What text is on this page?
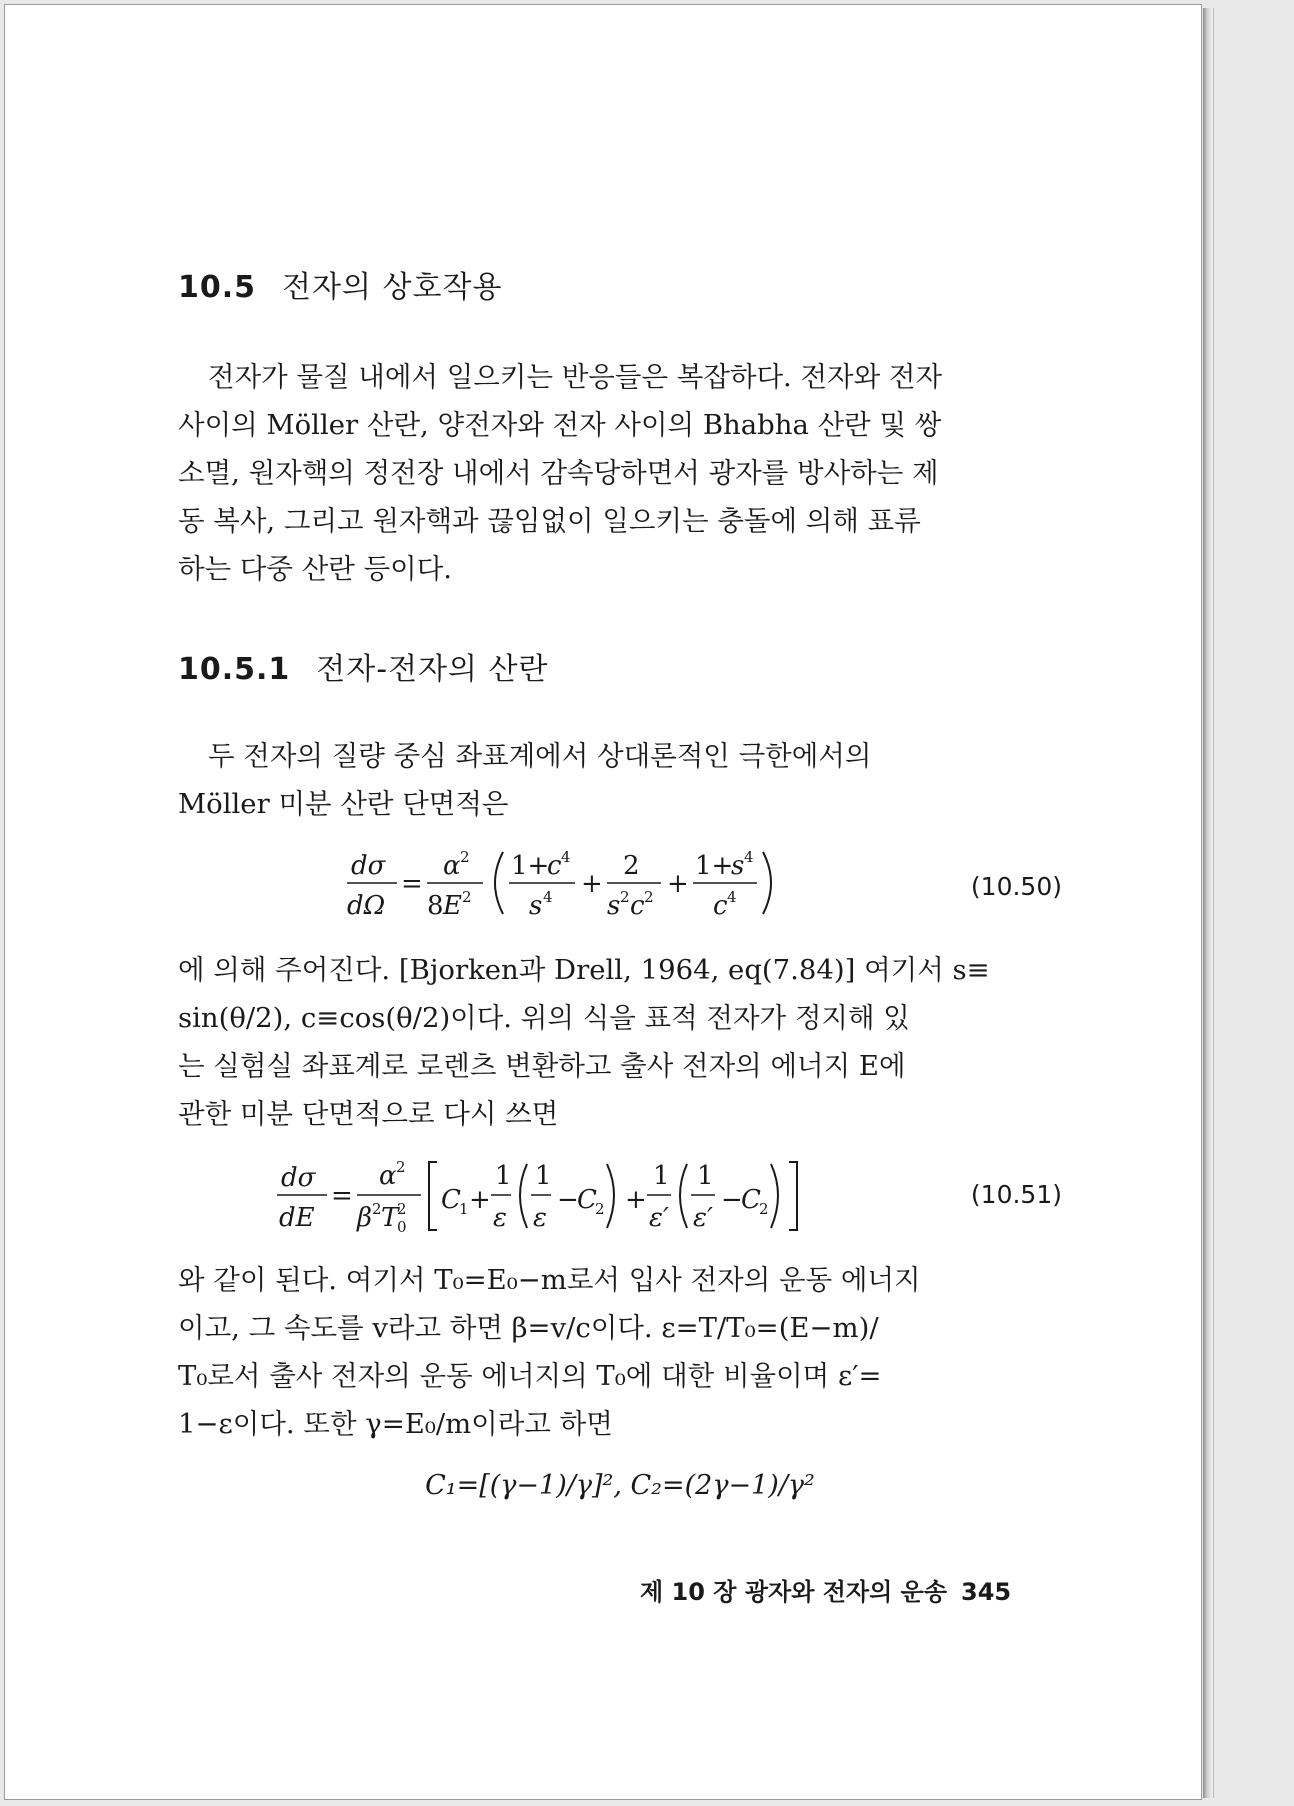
10.5 전자의 상호작용

전자가 물질 내에서 일으키는 반응들은 복잡하다. 전자와 전자

사이의 Möller 산란, 양전자와 전자 사이의 Bhabha 산란 및 쌍

소멸, 원자핵의 정전장 내에서 감속당하면서 광자를 방사하는 제

동 복사, 그리고 원자핵과 끊임없이 일으키는 충돌에 의해 표류

하는 다중 산란 등이다.

10.5.1 전자-전자의 산란

두 전자의 질량 중심 좌표계에서 상대론적인 극한에서의

Möller 미분 산란 단면적은

dσ
dΩ
=
α 2
8 E 2
1+
c 4
s 4 +
2
s 2 c 2 +
1+
s 4
c 4	(10.50)

에 의해 주어진다. [Bjorken과 Drell, 1964, eq(7.84)] 여기서 s≡

sin(θ/2), c≡cos(θ/2)이다. 위의 식을 표적 전자가 정지해 있

는 실험실 좌표계로 로렌츠 변환하고 출사 전자의 에너지 E에

관한 미분 단면적으로 다시 쓰면

dσ
dE
=
α 2
β 2 T
2
0
C
1 +
1
ε
1
ε
−
C
2 +
1
ε′
1
ε′
−
C
2	(10.51)

와 같이 된다. 여기서 T₀=E₀−m로서 입사 전자의 운동 에너지

이고, 그 속도를 v라고 하면 β=v/c이다. ε=T/T₀=(E−m)/

T₀로서 출사 전자의 운동 에너지의 T₀에 대한 비율이며 ε′=

1−ε이다. 또한 γ=E₀/m이라고 하면

C₁=[(γ−1)/γ]², C₂=(2γ−1)/γ²
제 10 장 광자와 전자의 운송 345
